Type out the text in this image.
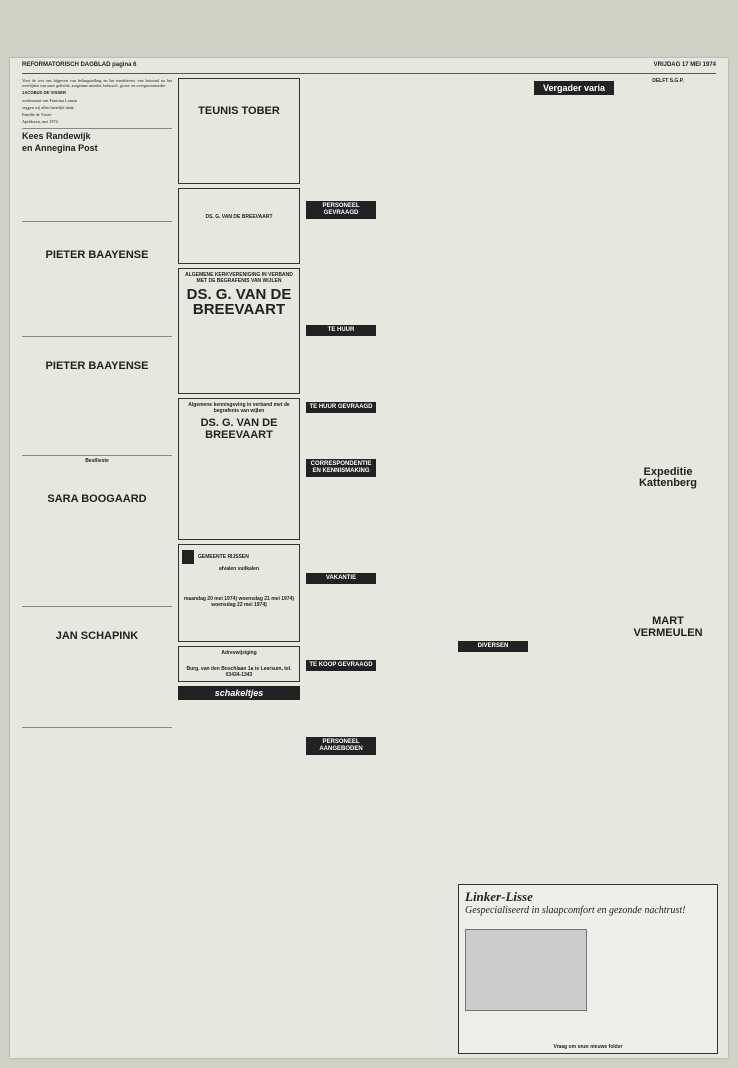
REFORMATORISCH DAGBLAD pagina 6	VRIJDAG 17 MEI 1974

Voor de wet ons bijgeven van belangstelling en het medeleven, van betoond na het overlijden van onze geliefde, zorgzame moeder, behuwd-, groot- en overgrootmoeder

JACOBUS DE VISSER

weduwnaar van Francina Loman

zeggen wij allen hartelijk dank.

Familie de Visser

Apeldoorn, mei 1974

Kees Randewijk
en Annegina Post
PIETER BAAYENSE
PIETER BAAYENSE
Bestlieste
SARA BOOGAARD
JAN SCHAPINK
TEUNIS TOBER
DS. G. VAN DE BREEVAART
ALGEMENE KERKVERENIGING IN VERBAND MET DE BEGRAFENIS VAN WIJLEN
DS. G. VAN DE BREEVAART
Algemene kennisgeving in verband met de begrafenis van wijlen
DS. G. VAN DE BREEVAART
GEMEENTE RIJSSEN
afvalen vuilkalen
maandag 20 mei 1974) woensdag 21 mei 1974) woensdag 22 mei 1974)
Adreswijziging
Burg. van den Boschlaan 1a te Leersum, tel. 03434-1343
schakeltjes
PERSONEEL GEVRAAGD
TE HUUR
TE HUUR GEVRAAGD
CORRESPONDENTIE EN KENNISMAKING
VAKANTIE
TE KOOP GEVRAAGD
PERSONEEL AANGEBODEN
DIVERSEN
Vergader varia
DELFT S.G.P.
Expeditie Kattenberg
MART VERMEULEN
Linker-Lisse
Gespecialiseerd in slaapcomfort en gezonde nachtrust!
Vraag om onze nieuwe folder
